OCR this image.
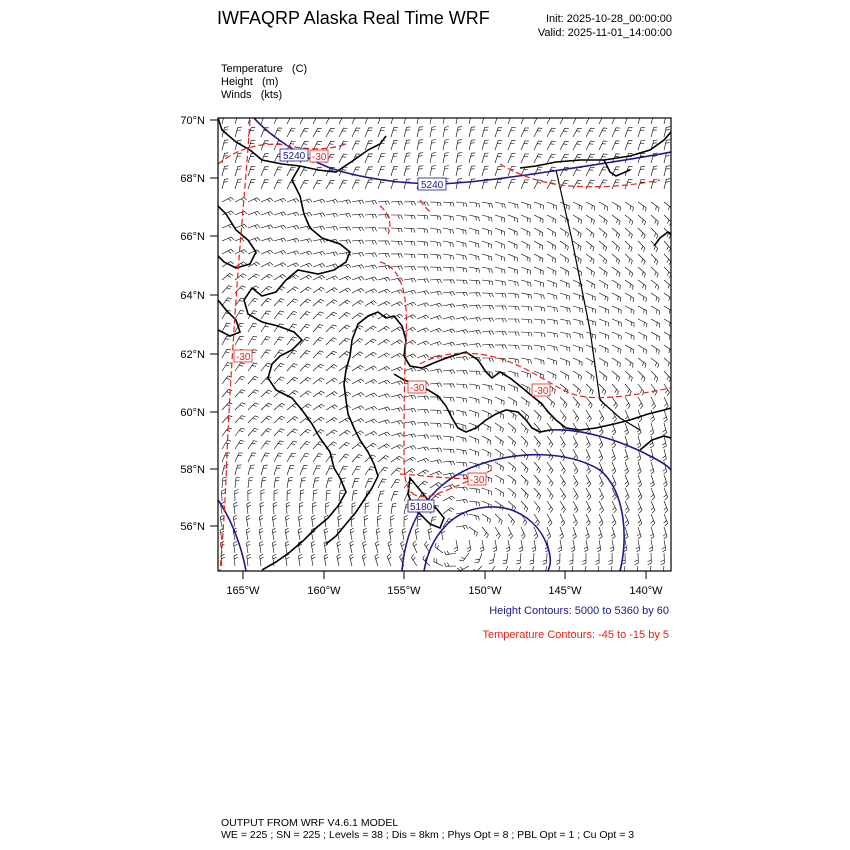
IWFAQRP Alaska Real Time WRF	Init: 2025-10-28_00:00:00
Valid: 2025-11-01_14:00:00
Temperature   (C)
Height   (m)
Winds   (kts)
5240 -30
5240
-30
-30	-30
-30
5180
70°N
68°N
66°N
64°N
62°N
60°N
58°N
56°N
165°W	160°W	155°W	150°W	145°W	140°W
Height Contours: 5000 to 5360 by 60
Temperature Contours: -45 to -15 by 5
OUTPUT FROM WRF V4.6.1 MODEL
WE = 225 ; SN = 225 ; Levels = 38 ; Dis = 8km ; Phys Opt = 8 ; PBL Opt = 1 ; Cu Opt = 3
